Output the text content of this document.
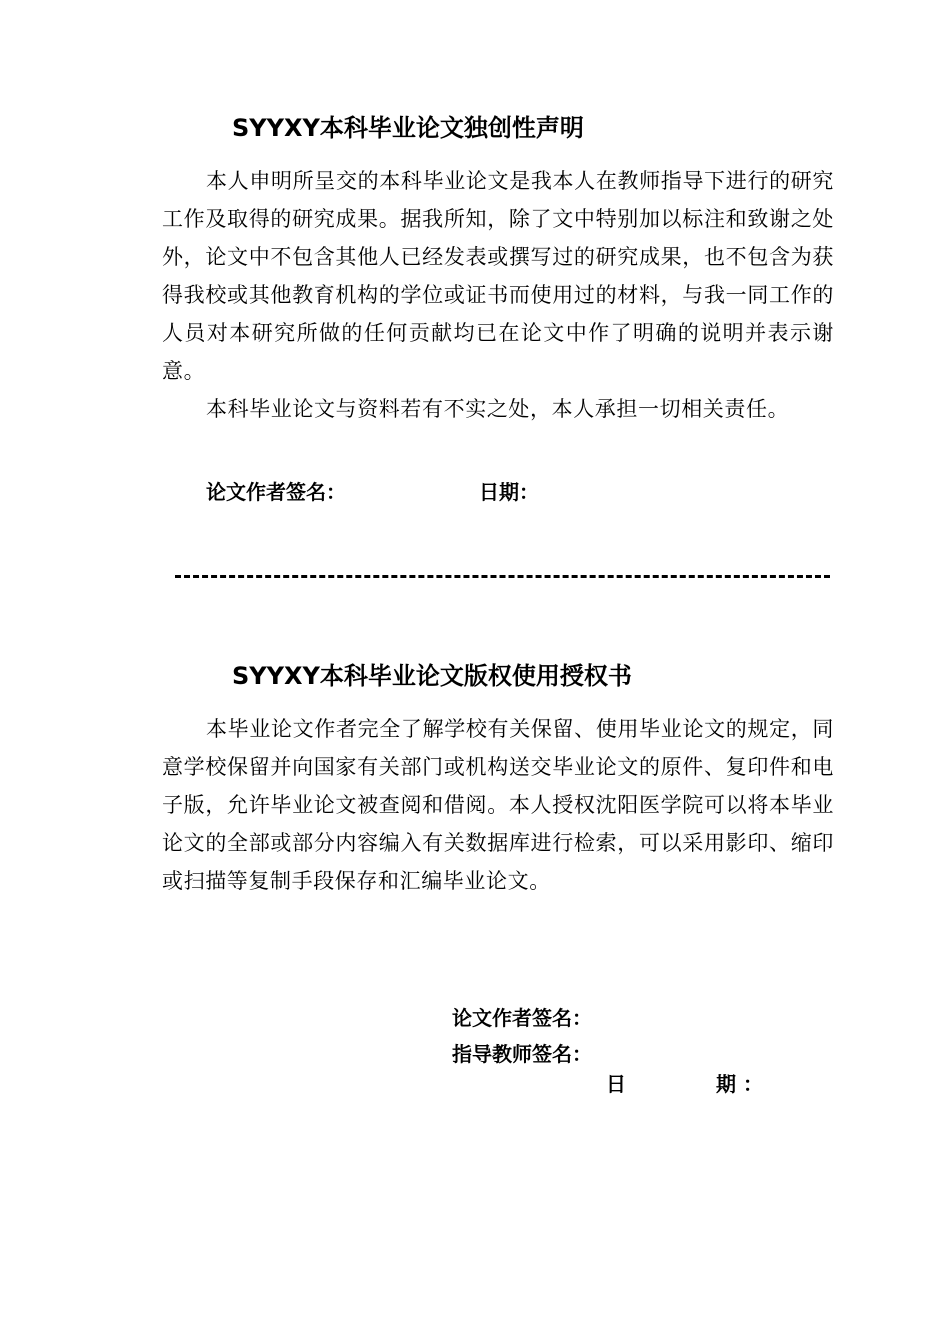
SYYXY本科毕业论文独创性声明
本人申明所呈交的本科毕业论文是我本人在教师指导下进行的研究工作及取得的研究成果。据我所知，除了文中特别加以标注和致谢之处外，论文中不包含其他人已经发表或撰写过的研究成果，也不包含为获得我校或其他教育机构的学位或证书而使用过的材料，与我一同工作的人员对本研究所做的任何贡献均已在论文中作了明确的说明并表示谢意。
本科毕业论文与资料若有不实之处，本人承担一切相关责任。
论文作者签名：	日期：
SYYXY本科毕业论文版权使用授权书
本毕业论文作者完全了解学校有关保留、使用毕业论文的规定，同意学校保留并向国家有关部门或机构送交毕业论文的原件、复印件和电子版，允许毕业论文被查阅和借阅。本人授权沈阳医学院可以将本毕业论文的全部或部分内容编入有关数据库进行检索，可以采用影印、缩印或扫描等复制手段保存和汇编毕业论文。
论文作者签名：
指导教师签名：
日	期 ：
